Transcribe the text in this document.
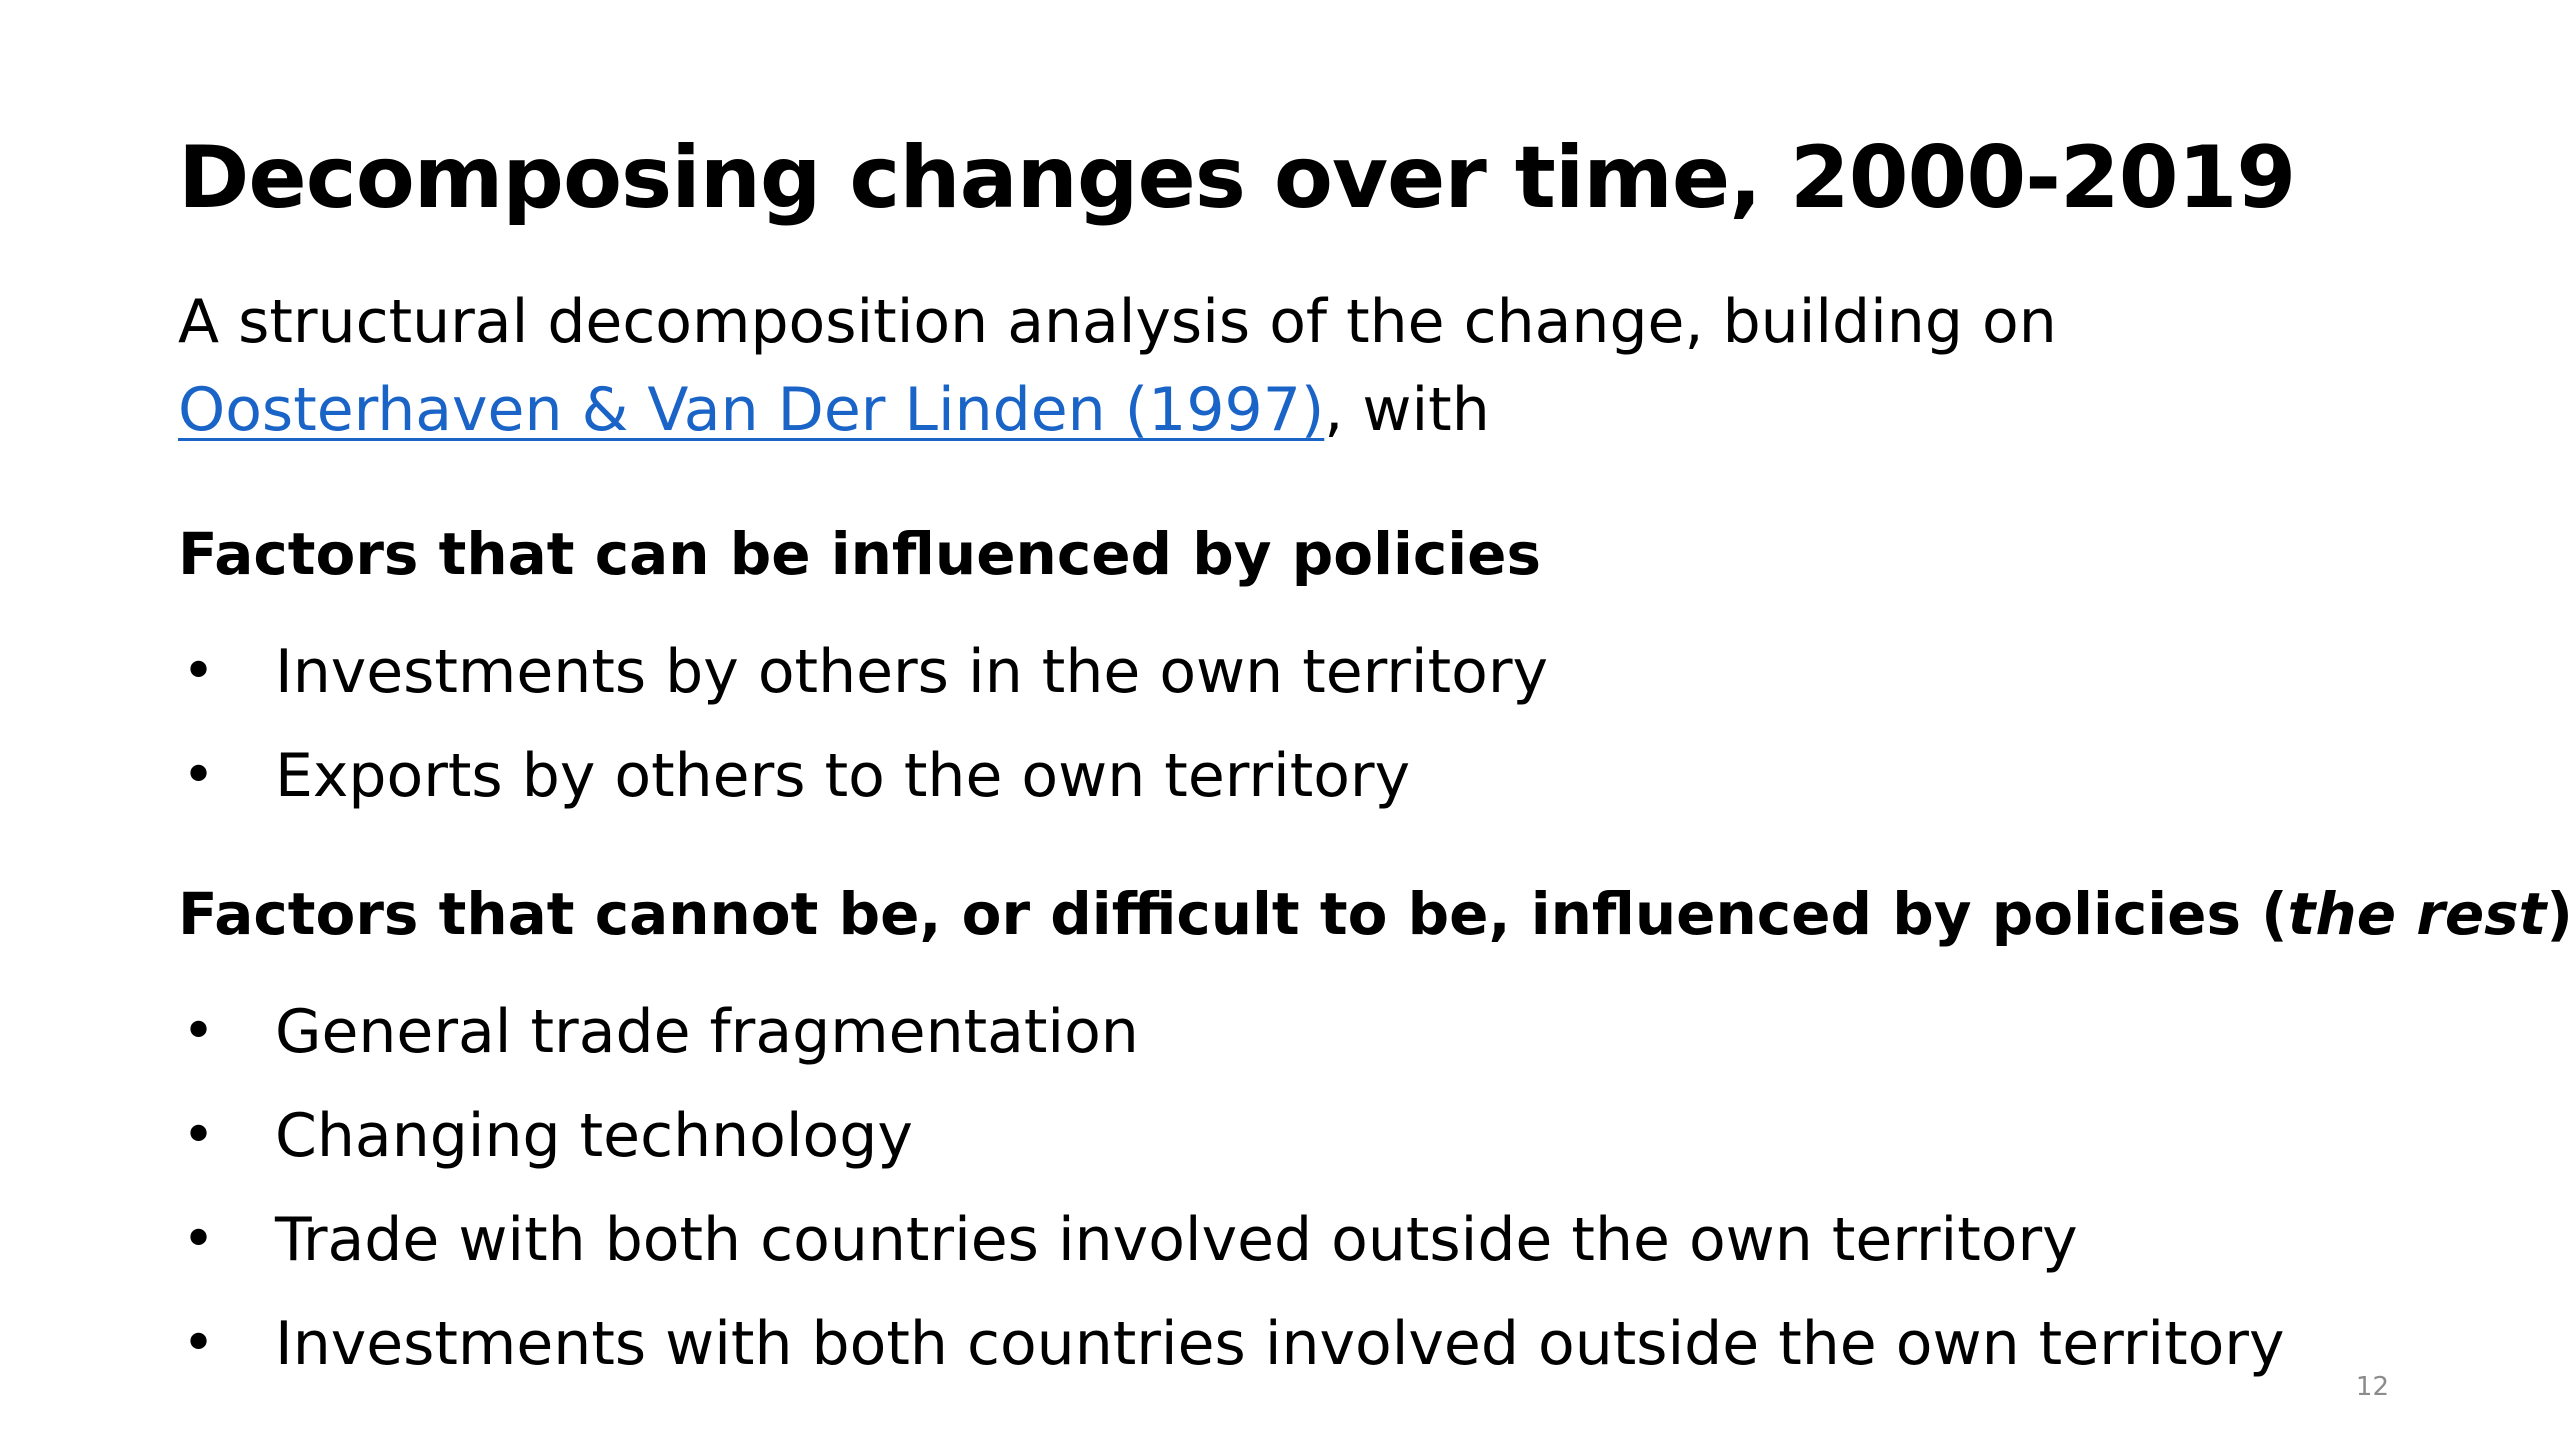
Decomposing changes over time, 2000-2019

A structural decomposition analysis of the change, building on
Oosterhaven & Van Der Linden (1997), with

Factors that can be influenced by policies
• Investments by others in the own territory
• Exports by others to the own territory
Factors that cannot be, or difficult to be, influenced by policies (the rest)
• General trade fragmentation
• Changing technology
• Trade with both countries involved outside the own territory
• Investments with both countries involved outside the own territory
12
